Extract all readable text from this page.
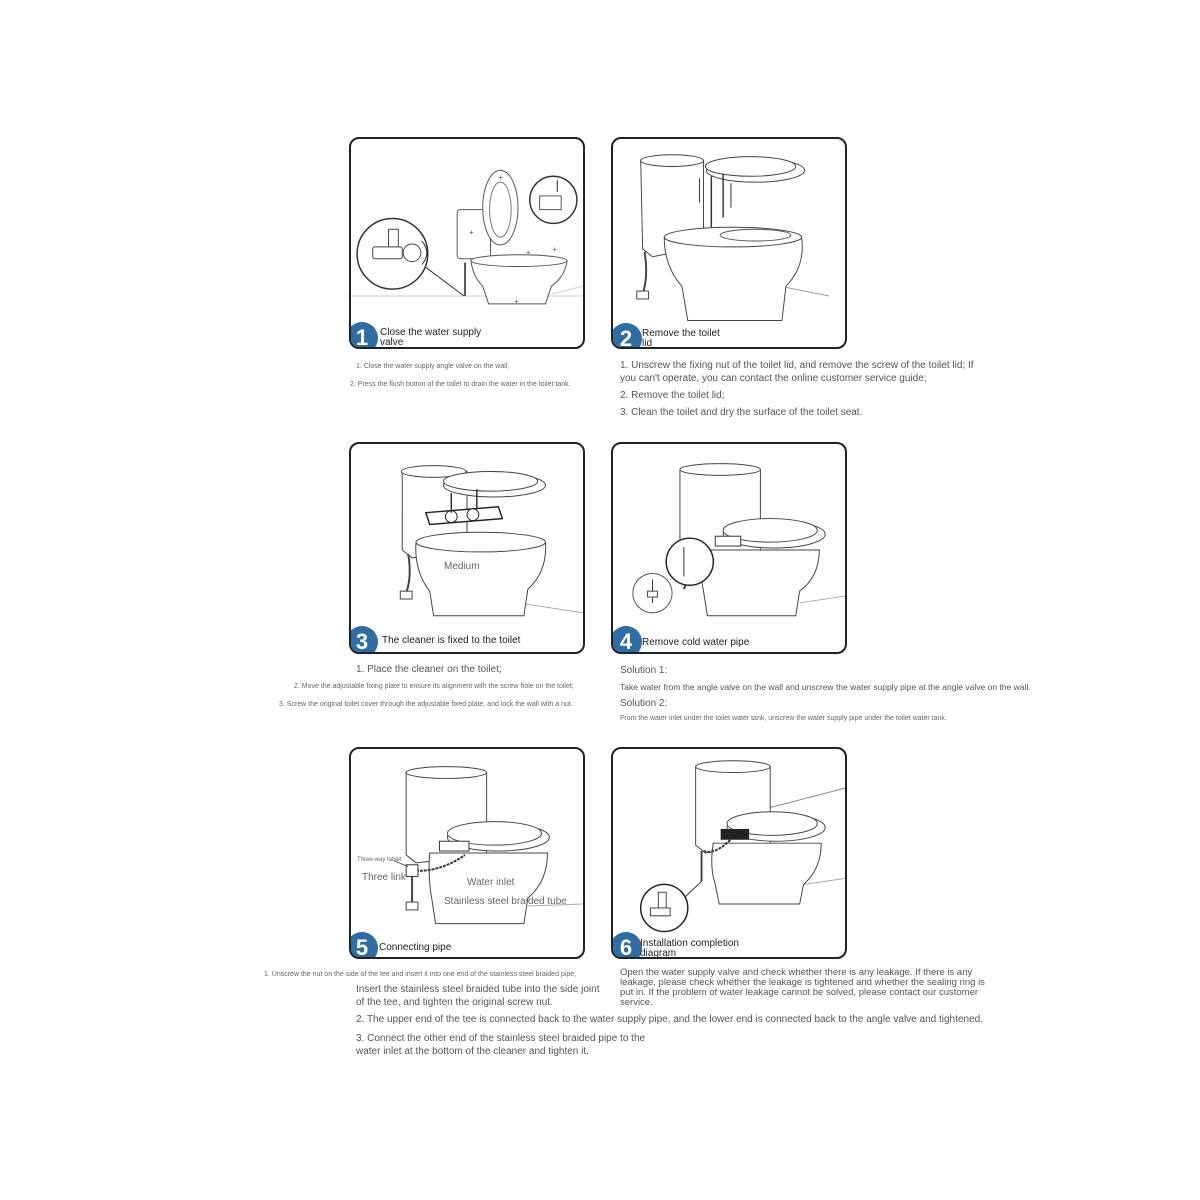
+
+
+
+
+
1	Close the water supply valve
1. Close the water supply angle valve on the wall;
2. Press the flush button of the toilet to drain the water in the toilet tank.
2 Remove the toilet lid
1. Unscrew the fixing nut of the toilet lid, and remove the screw of the toilet lid; If you can't operate, you can contact the online customer service guide;
2. Remove the toilet lid;
3. Clean the toilet and dry the surface of the toilet seat.
Medium
3	The cleaner is fixed to the toilet
1. Place the cleaner on the toilet;
2. Move the adjustable fixing plate to ensure its alignment with the screw hole on the toilet;
3. Screw the original toilet cover through the adjustable fixed plate, and lock the wall with a nut.
4 Remove cold water pipe
Solution 1:
Take water from the angle valve on the wall and unscrew the water supply pipe at the angle valve on the wall.
Solution 2:
From the water inlet under the toilet water tank, unscrew the water supply pipe under the toilet water tank.
Three-way tablet
Three link	Water inlet
Stainless steel braided tube
5	Connecting pipe
1. Unscrew the nut on the side of the tee and insert it into one end of the stainless steel braided pipe,
Insert the stainless steel braided tube into the side joint of the tee, and tighten the original screw nut.
2. The upper end of the tee is connected back to the water supply pipe, and the lower end is connected back to the angle valve and tightened.
3. Connect the other end of the stainless steel braided pipe to the water inlet at the bottom of the cleaner and tighten it.
6 Installation completion diagram
Open the water supply valve and check whether there is any leakage. If there is any leakage, please check whether the leakage is tightened and whether the sealing ring is put in. If the problem of water leakage cannot be solved, please contact our customer service.
